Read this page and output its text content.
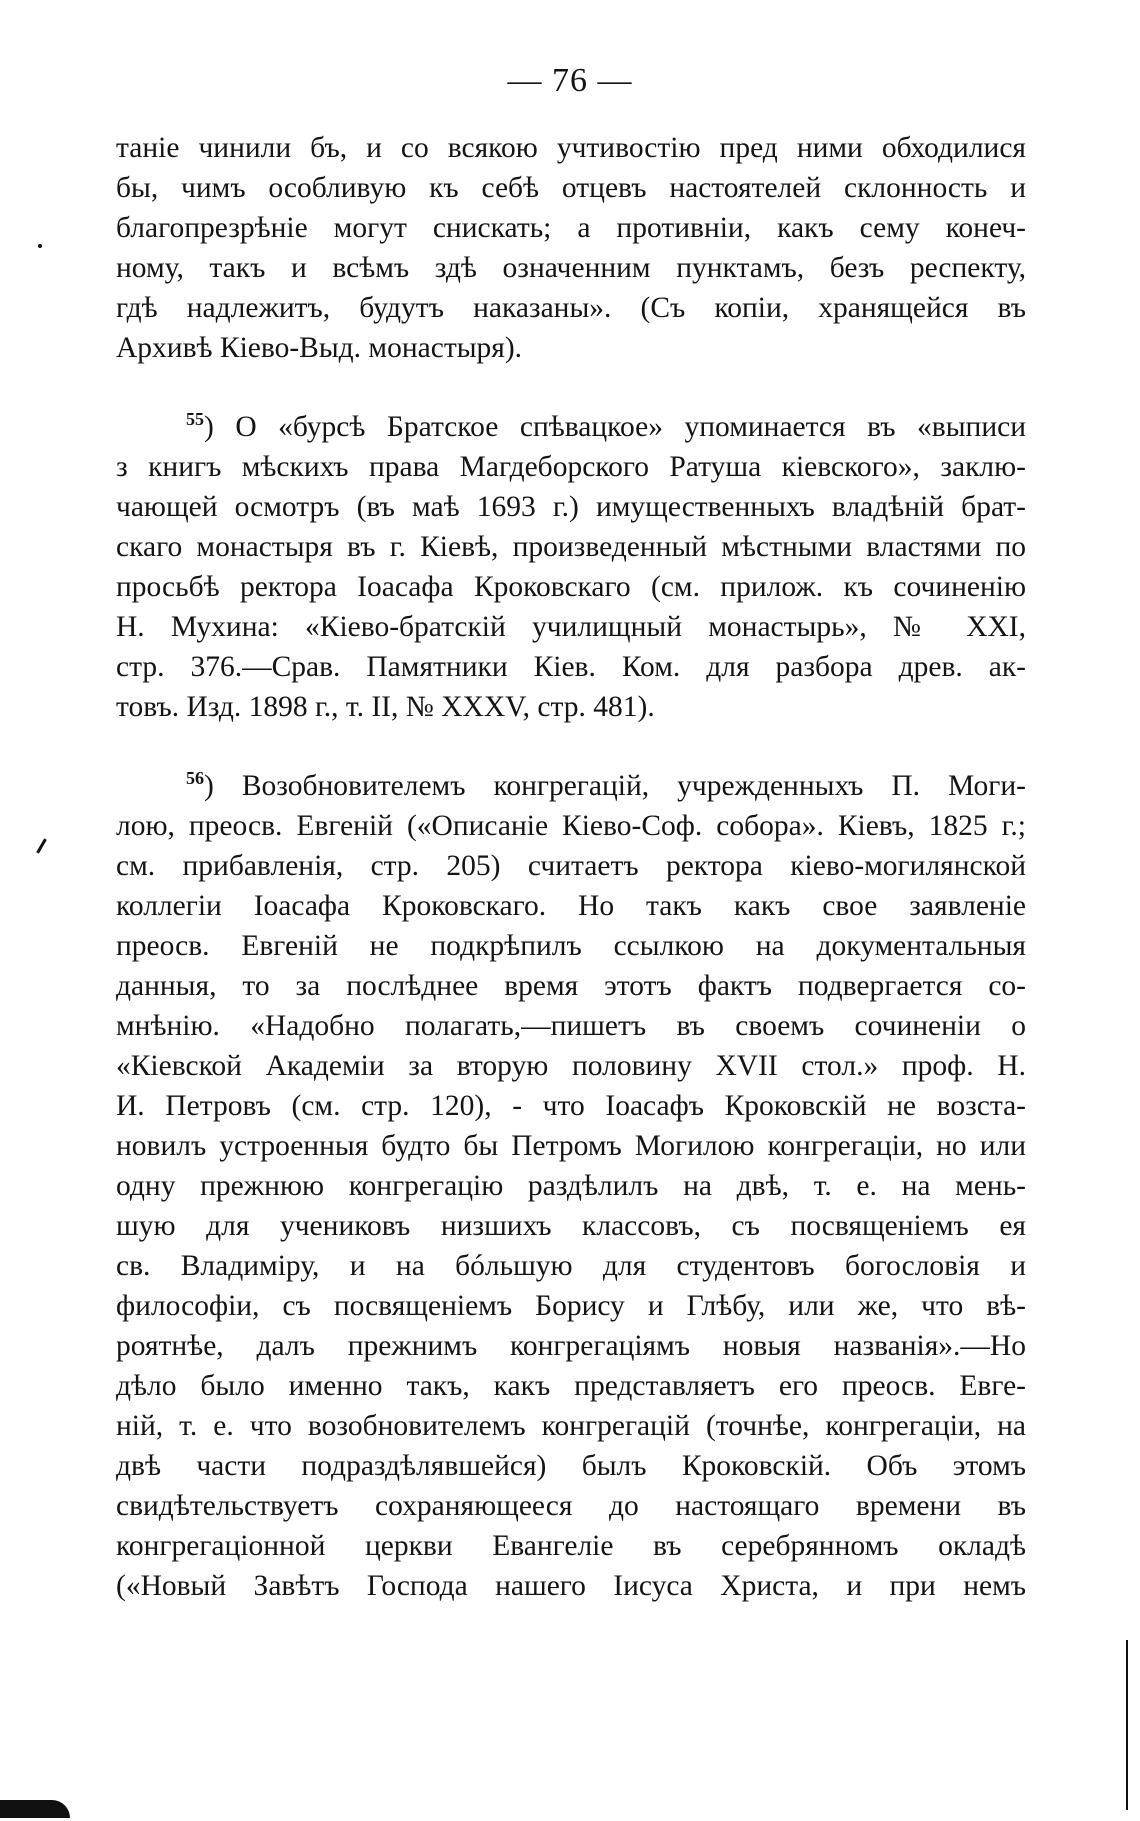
— 76 —
таніе чинили бъ, и со всякою учтивостію пред ними обходилися
бы, чимъ особливую къ себѣ отцевъ настоятелей склонность и
благопрезрѣніе могут снискать; а противніи, какъ сему конеч-
ному, такъ и всѣмъ здѣ означенним пунктамъ, безъ респекту,
гдѣ надлежитъ, будутъ наказаны». (Съ копіи, хранящейся въ
Архивѣ Кіево-Выд. монастыря).
$^{55}$) О «бурсѣ Братское спѣвацкое» упоминается въ «выписи
з книгъ мѣскихъ права Магдеборского Ратуша кіевского», заклю-
чающей осмотръ (въ маѣ 1693 г.) имущественныхъ владѣній брат-
скаго монастыря въ г. Кіевѣ, произведенный мѣстными властями по
просьбѣ ректора Іоасафа Кроковскаго (см. прилож. къ сочиненію
Н. Мухина: «Кіево-братскій училищный монастырь», № XXI,
стр. 376.—Срав. Памятники Кіев. Ком. для разбора древ. ак-
товъ. Изд. 1898 г., т. II, № XXXV, стр. 481).
$^{56}$) Возобновителемъ конгрегацій, учрежденныхъ П. Моги-
лою, преосв. Евгеній («Описаніе Кіево-Соф. собора». Кіевъ, 1825 г.;
см. прибавленія, стр. 205) считаетъ ректора кіево-могилянской
коллегіи Іоасафа Кроковскаго. Но такъ какъ свое заявленіе
преосв. Евгеній не подкрѣпилъ ссылкою на документальныя
данныя, то за послѣднее время этотъ фактъ подвергается со-
мнѣнію. «Надобно полагать,—пишетъ въ своемъ сочиненіи о
«Кіевской Академіи за вторую половину XVII стол.» проф. Н.
И. Петровъ (см. стр. 120), - что Іоасафъ Кроковскій не возста-
новилъ устроенныя будто бы Петромъ Могилою конгрегаціи, но или
одну прежнюю конгрегацію раздѣлилъ на двѣ, т. е. на мень-
шую для учениковъ низшихъ классовъ, съ посвященіемъ ея
св. Владиміру, и на бóльшую для студентовъ богословія и
философіи, съ посвященіемъ Борису и Глѣбу, или же, что вѣ-
роятнѣе, далъ прежнимъ конгрегаціямъ новыя названія».—Но
дѣло было именно такъ, какъ представляетъ его преосв. Евге-
ній, т. е. что возобновителемъ конгрегацій (точнѣе, конгрегаціи, на
двѣ части подраздѣлявшейся) былъ Кроковскій. Объ этомъ
свидѣтельствуетъ сохраняющееся до настоящаго времени въ
конгрегаціонной церкви Евангеліе въ серебрянномъ окладѣ
(«Новый Завѣтъ Господа нашего Іисуса Христа, и при немъ
